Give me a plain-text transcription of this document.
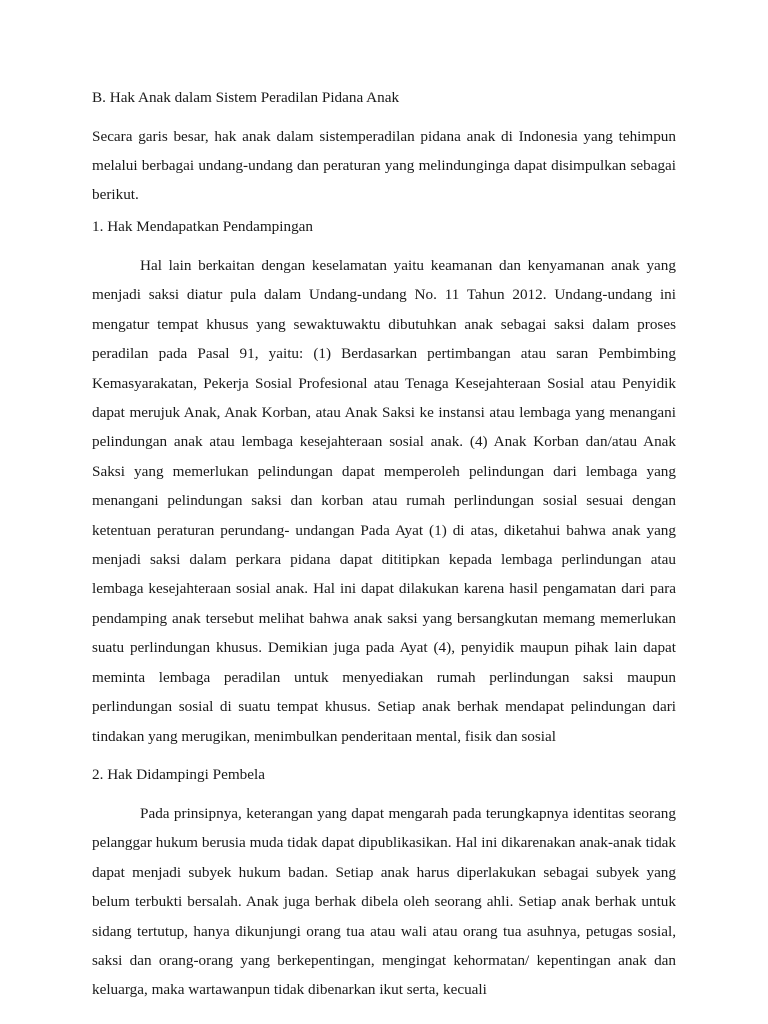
B. Hak Anak dalam Sistem Peradilan Pidana Anak

Secara garis besar, hak anak dalam sistemperadilan pidana anak di Indonesia yang tehimpun melalui berbagai undang-undang dan peraturan yang melindunginga dapat disimpulkan sebagai berikut.

1. Hak Mendapatkan Pendampingan

Hal lain berkaitan dengan keselamatan yaitu keamanan dan kenyamanan anak yang menjadi saksi diatur pula dalam Undang-undang No. 11 Tahun 2012. Undang-undang ini mengatur tempat khusus yang sewaktuwaktu dibutuhkan anak sebagai saksi dalam proses peradilan pada Pasal 91, yaitu: (1) Berdasarkan pertimbangan atau saran Pembimbing Kemasyarakatan, Pekerja Sosial Profesional atau Tenaga Kesejahteraan Sosial atau Penyidik dapat merujuk Anak, Anak Korban, atau Anak Saksi ke instansi atau lembaga yang menangani pelindungan anak atau lembaga kesejahteraan sosial anak. (4) Anak Korban dan/atau Anak Saksi yang memerlukan pelindungan dapat memperoleh pelindungan dari lembaga yang menangani pelindungan saksi dan korban atau rumah perlindungan sosial sesuai dengan ketentuan peraturan perundang- undangan Pada Ayat (1) di atas, diketahui bahwa anak yang menjadi saksi dalam perkara pidana dapat dititipkan kepada lembaga perlindungan atau lembaga kesejahteraan sosial anak. Hal ini dapat dilakukan karena hasil pengamatan dari para pendamping anak tersebut melihat bahwa anak saksi yang bersangkutan memang memerlukan suatu perlindungan khusus. Demikian juga pada Ayat (4), penyidik maupun pihak lain dapat meminta lembaga peradilan untuk menyediakan rumah perlindungan saksi maupun perlindungan sosial di suatu tempat khusus. Setiap anak berhak mendapat pelindungan dari tindakan yang merugikan, menimbulkan penderitaan mental, fisik dan sosial

2. Hak Didampingi Pembela

Pada prinsipnya, keterangan yang dapat mengarah pada terungkapnya identitas seorang pelanggar hukum berusia muda tidak dapat dipublikasikan. Hal ini dikarenakan anak-anak tidak dapat menjadi subyek hukum badan. Setiap anak harus diperlakukan sebagai subyek yang belum terbukti bersalah. Anak juga berhak dibela oleh seorang ahli. Setiap anak berhak untuk sidang tertutup, hanya dikunjungi orang tua atau wali atau orang tua asuhnya, petugas sosial, saksi dan orang-orang yang berkepentingan, mengingat kehormatan/ kepentingan anak dan keluarga, maka wartawanpun tidak dibenarkan ikut serta, kecuali
